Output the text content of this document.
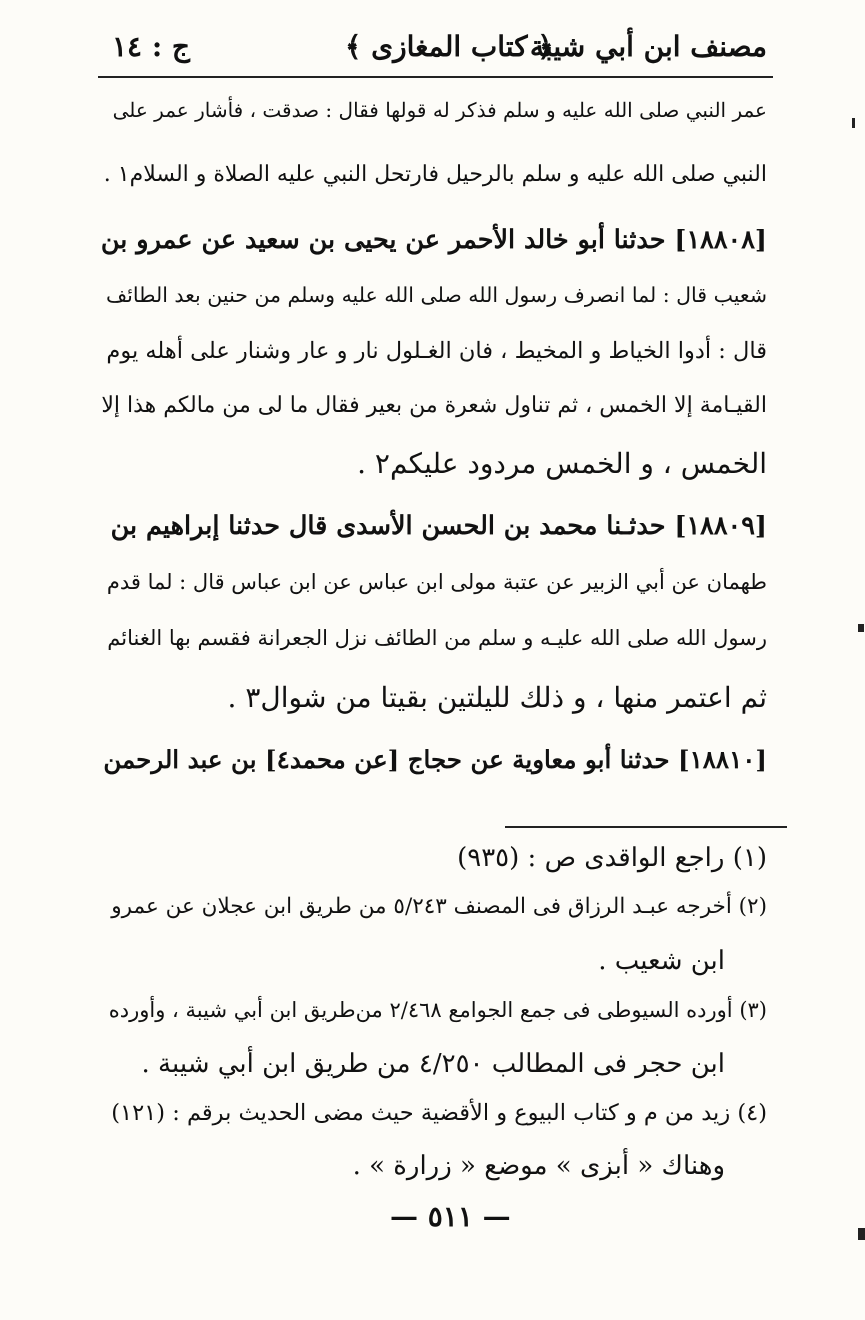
مصنف ابن أبي شيبة
﴿ كتاب المغازى ﴾
ج : ١٤
عمر النبي صلى الله عليه و سلم فذكر له قولها فقال : صدقت ، فأشار عمر على
النبي صلى الله عليه و سلم بالرحيل فارتحل النبي عليه الصلاة و السلام١ .
[١٨٨٠٨] حدثنا أبو خالد الأحمر عن يحيى بن سعيد عن عمرو بن
شعيب قال : لما انصرف رسول الله صلى الله عليه وسلم من حنين بعد الطائف
قال : أدوا الخياط و المخيط ، فان الغـلول نار و عار وشنار على أهله يوم
القيـامة إلا الخمس ، ثم تناول شعرة من بعير فقال ما لى من مالكم هذا إلا
الخمس ، و الخمس مردود عليكم٢ .
[١٨٨٠٩] حدثـنا محمد بن الحسن الأسدى قال حدثنا إبراهيم بن
طهمان عن أبي الزبير عن عتبة مولى ابن عباس عن ابن عباس قال : لما قدم
رسول الله صلى الله عليـه و سلم من الطائف نزل الجعرانة فقسم بها الغنائم
ثم اعتمر منها ، و ذلك لليلتين بقيتا من شوال٣ .
[١٨٨١٠] حدثنا أبو معاوية عن حجاج [عن محمد٤] بن عبد الرحمن
(١) راجع الواقدى ص : (٩٣٥)
(٢) أخرجه عبـد الرزاق فى المصنف ٥/٢٤٣ من طريق ابن عجلان عن عمرو
ابن شعيب .
(٣) أورده السيوطى فى جمع الجوامع ٢/٤٦٨ من‌طريق ابن أبي شيبة ، وأورده
ابن حجر فى المطالب ٤/٢٥٠ من طريق ابن أبي شيبة .
(٤) زيد من م و كتاب البيوع و الأقضية حيث مضى الحديث برقم : (١٢١)
وهناك « أبزى » موضع « زرارة » .
— ٥١١ —
